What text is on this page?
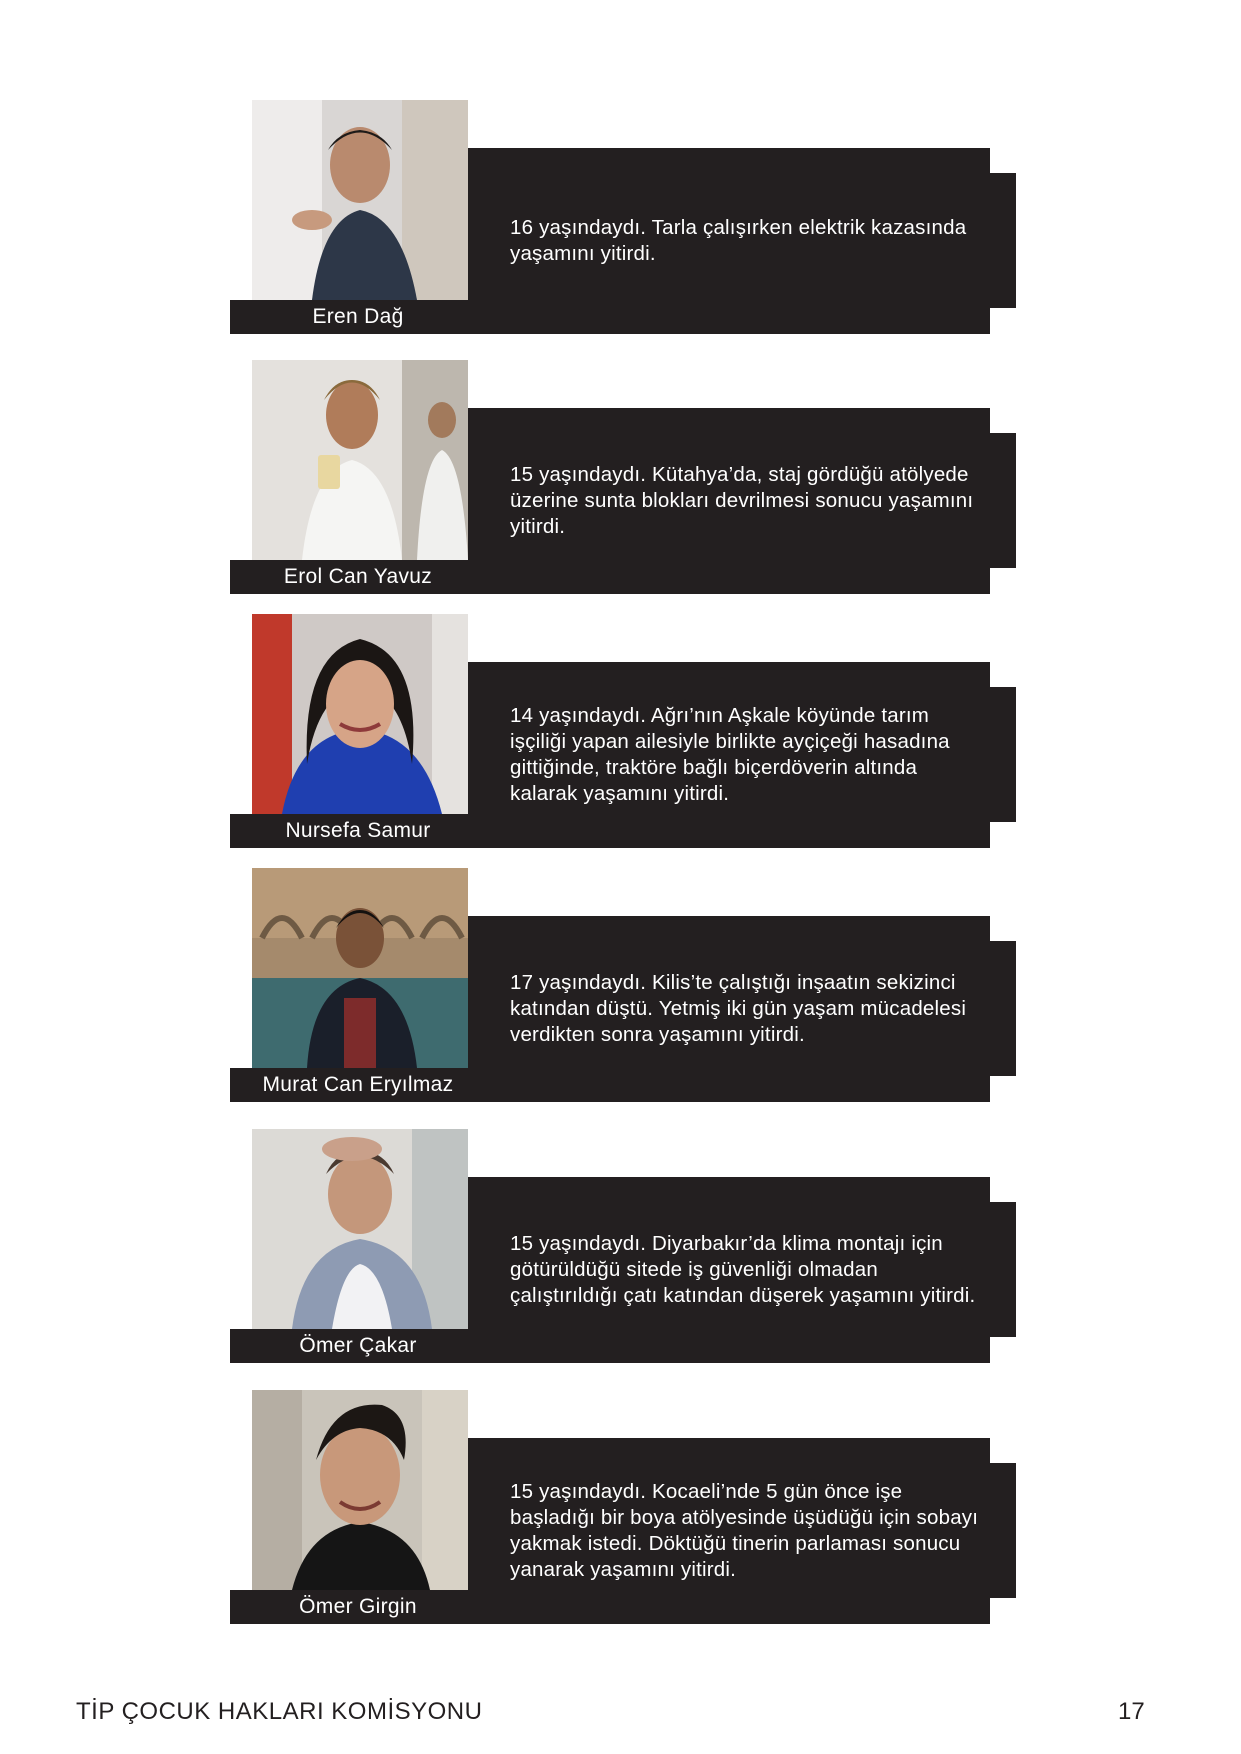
Eren Dağ
16 yaşındaydı. Tarla çalışırken elektrik kazasında yaşamını yitirdi.
Erol Can Yavuz
15 yaşındaydı. Kütahya’da, staj gördüğü atölyede üzerine sunta blokları devrilmesi sonucu yaşamını yitirdi.
Nursefa Samur
14 yaşındaydı. Ağrı’nın Aşkale köyünde tarım işçiliği yapan ailesiyle birlikte ayçiçeği hasadına gittiğinde, traktöre bağlı biçerdöverin altında kalarak yaşamını yitirdi.
Murat Can Eryılmaz
17 yaşındaydı. Kilis’te çalıştığı inşaatın sekizinci katından düştü. Yetmiş iki gün yaşam mücadelesi verdikten sonra yaşamını yitirdi.
Ömer Çakar
15 yaşındaydı. Diyarbakır’da klima montajı için götürüldüğü sitede iş güvenliği olmadan çalıştırıldığı çatı katından düşerek yaşamını yitirdi.
Ömer Girgin
15 yaşındaydı. Kocaeli’nde 5 gün önce işe başladığı bir boya atölyesinde üşüdüğü için sobayı yakmak istedi. Döktüğü tinerin parlaması sonucu yanarak yaşamını yitirdi.
TİP ÇOCUK HAKLARI KOMİSYONU	17
